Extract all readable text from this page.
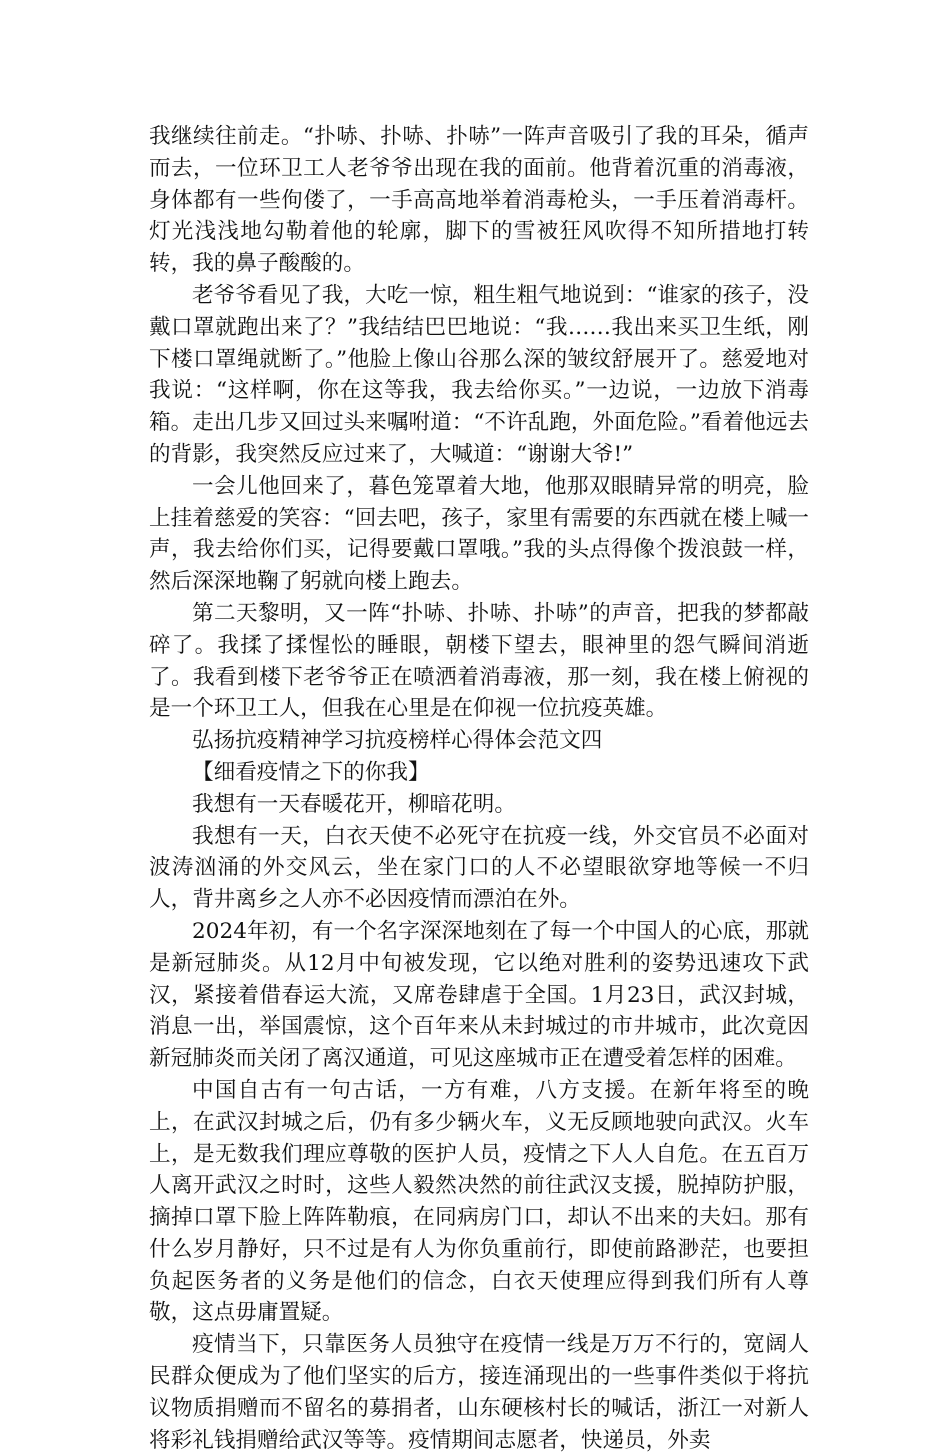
我继续往前走。“扑哧、扑哧、扑哧”一阵声音吸引了我的耳朵，循声而去，一位环卫工人老爷爷出现在我的面前。他背着沉重的消毒液，身体都有一些佝偻了，一手高高地举着消毒枪头，一手压着消毒杆。灯光浅浅地勾勒着他的轮廓，脚下的雪被狂风吹得不知所措地打转转，我的鼻子酸酸的。

老爷爷看见了我，大吃一惊，粗生粗气地说到：“谁家的孩子，没戴口罩就跑出来了？”我结结巴巴地说：“我……我出来买卫生纸，刚下楼口罩绳就断了。”他脸上像山谷那么深的皱纹舒展开了。慈爱地对我说：“这样啊，你在这等我，我去给你买。”一边说，一边放下消毒箱。走出几步又回过头来嘱咐道：“不许乱跑，外面危险。”看着他远去的背影，我突然反应过来了，大喊道：“谢谢大爷!”

一会儿他回来了，暮色笼罩着大地，他那双眼睛异常的明亮，脸上挂着慈爱的笑容：“回去吧，孩子，家里有需要的东西就在楼上喊一声，我去给你们买，记得要戴口罩哦。”我的头点得像个拨浪鼓一样，然后深深地鞠了躬就向楼上跑去。

第二天黎明，又一阵“扑哧、扑哧、扑哧”的声音，把我的梦都敲碎了。我揉了揉惺忪的睡眼，朝楼下望去，眼神里的怨气瞬间消逝了。我看到楼下老爷爷正在喷洒着消毒液，那一刻，我在楼上俯视的是一个环卫工人，但我在心里是在仰视一位抗疫英雄。

弘扬抗疫精神学习抗疫榜样心得体会范文四

【细看疫情之下的你我】

我想有一天春暖花开，柳暗花明。

我想有一天，白衣天使不必死守在抗疫一线，外交官员不必面对波涛汹涌的外交风云，坐在家门口的人不必望眼欲穿地等候一不归人，背井离乡之人亦不必因疫情而漂泊在外。

2024年初，有一个名字深深地刻在了每一个中国人的心底，那就是新冠肺炎。从12月中旬被发现，它以绝对胜利的姿势迅速攻下武汉，紧接着借春运大流，又席卷肆虐于全国。1月23日，武汉封城，消息一出，举国震惊，这个百年来从未封城过的市井城市，此次竟因新冠肺炎而关闭了离汉通道，可见这座城市正在遭受着怎样的困难。

中国自古有一句古话，一方有难，八方支援。在新年将至的晚上，在武汉封城之后，仍有多少辆火车，义无反顾地驶向武汉。火车上，是无数我们理应尊敬的医护人员，疫情之下人人自危。在五百万人离开武汉之时时，这些人毅然决然的前往武汉支援，脱掉防护服，摘掉口罩下脸上阵阵勒痕，在同病房门口，却认不出来的夫妇。那有什么岁月静好，只不过是有人为你负重前行，即使前路渺茫，也要担负起医务者的义务是他们的信念，白衣天使理应得到我们所有人尊敬，这点毋庸置疑。

疫情当下，只靠医务人员独守在疫情一线是万万不行的，宽阔人民群众便成为了他们坚实的后方，接连涌现出的一些事件类似于将抗议物质捐赠而不留名的募捐者，山东硬核村长的喊话，浙江一对新人将彩礼钱捐赠给武汉等等。疫情期间志愿者，快递员，外卖
